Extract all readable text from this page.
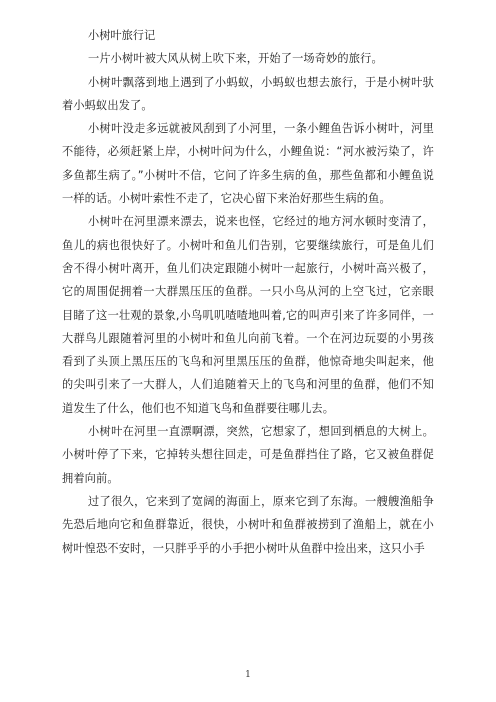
小树叶旅行记

一片小树叶被大风从树上吹下来，开始了一场奇妙的旅行。

小树叶飘落到地上遇到了小蚂蚁，小蚂蚁也想去旅行，于是小树叶驮着小蚂蚁出发了。

小树叶没走多远就被风刮到了小河里，一条小鲤鱼告诉小树叶，河里不能待，必须赶紧上岸，小树叶问为什么，小鲤鱼说：“河水被污染了，许多鱼都生病了。”小树叶不信，它问了许多生病的鱼，那些鱼都和小鲤鱼说一样的话。小树叶索性不走了，它决心留下来治好那些生病的鱼。

小树叶在河里漂来漂去，说来也怪，它经过的地方河水顿时变清了，鱼儿的病也很快好了。小树叶和鱼儿们告别，它要继续旅行，可是鱼儿们舍不得小树叶离开，鱼儿们决定跟随小树叶一起旅行，小树叶高兴极了，它的周围促拥着一大群黑压压的鱼群。一只小鸟从河的上空飞过，它亲眼目睹了这一壮观的景象,小鸟叽叽喳喳地叫着,它的叫声引来了许多同伴，一大群鸟儿跟随着河里的小树叶和鱼儿向前飞着。一个在河边玩耍的小男孩看到了头顶上黑压压的飞鸟和河里黑压压的鱼群，他惊奇地尖叫起来，他的尖叫引来了一大群人，人们追随着天上的飞鸟和河里的鱼群，他们不知道发生了什么，他们也不知道飞鸟和鱼群要往哪儿去。

小树叶在河里一直漂啊漂，突然，它想家了，想回到栖息的大树上。小树叶停了下来，它掉转头想往回走，可是鱼群挡住了路，它又被鱼群促拥着向前。

过了很久，它来到了宽阔的海面上，原来它到了东海。一艘艘渔船争先恐后地向它和鱼群靠近，很快，小树叶和鱼群被捞到了渔船上，就在小树叶惶恐不安时，一只胖乎乎的小手把小树叶从鱼群中捡出来，这只小手

1
